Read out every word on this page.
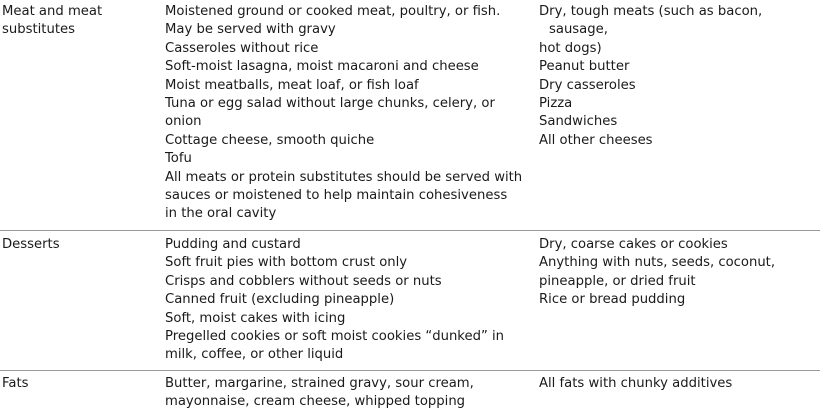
Meat and meat
substitutes
Moistened ground or cooked meat, poultry, or fish.
May be served with gravy
Casseroles without rice
Soft-moist lasagna, moist macaroni and cheese
Moist meatballs, meat loaf, or fish loaf
Tuna or egg salad without large chunks, celery, or
onion
Cottage cheese, smooth quiche
Tofu
All meats or protein substitutes should be served with
sauces or moistened to help maintain cohesiveness
in the oral cavity
Dry, tough meats (such as bacon, sausage,
hot dogs)
Peanut butter
Dry casseroles
Pizza
Sandwiches
All other cheeses
Desserts	Pudding and custard
Soft fruit pies with bottom crust only
Crisps and cobblers without seeds or nuts
Canned fruit (excluding pineapple)
Soft, moist cakes with icing
Pregelled cookies or soft moist cookies “dunked” in
milk, coffee, or other liquid
Dry, coarse cakes or cookies
Anything with nuts, seeds, coconut,
pineapple, or dried fruit
Rice or bread pudding
Fats	Butter, margarine, strained gravy, sour cream,
mayonnaise, cream cheese, whipped topping
All fats with chunky additives
